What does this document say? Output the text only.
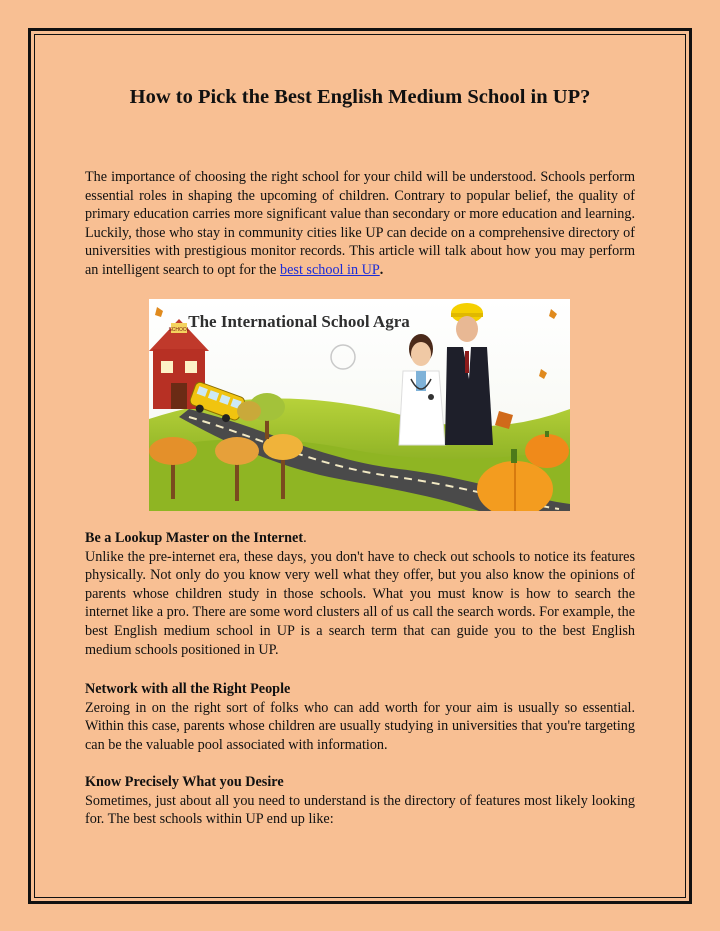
How to Pick the Best English Medium School in UP?

The importance of choosing the right school for your child will be understood. Schools perform essential roles in shaping the upcoming of children. Contrary to popular belief, the quality of primary education carries more significant value than secondary or more education and learning. Luckily, those who stay in community cities like UP can decide on a comprehensive directory of universities with prestigious monitor records. This article will talk about how you may perform an intelligent search to opt for the best school in UP.

SCHOOL
The International School Agra

Be a Lookup Master on the Internet.
Unlike the pre-internet era, these days, you don't have to check out schools to notice its features physically. Not only do you know very well what they offer, but you also know the opinions of parents whose children study in those schools. What you must know is how to search the internet like a pro. There are some word clusters all of us call the search words. For example, the best English medium school in UP is a search term that can guide you to the best English medium schools positioned in UP.

Network with all the Right People
Zeroing in on the right sort of folks who can add worth for your aim is usually so essential. Within this case, parents whose children are usually studying in universities that you're targeting can be the valuable pool associated with information.

Know Precisely What you Desire
Sometimes, just about all you need to understand is the directory of features most likely looking for. The best schools within UP end up like:
